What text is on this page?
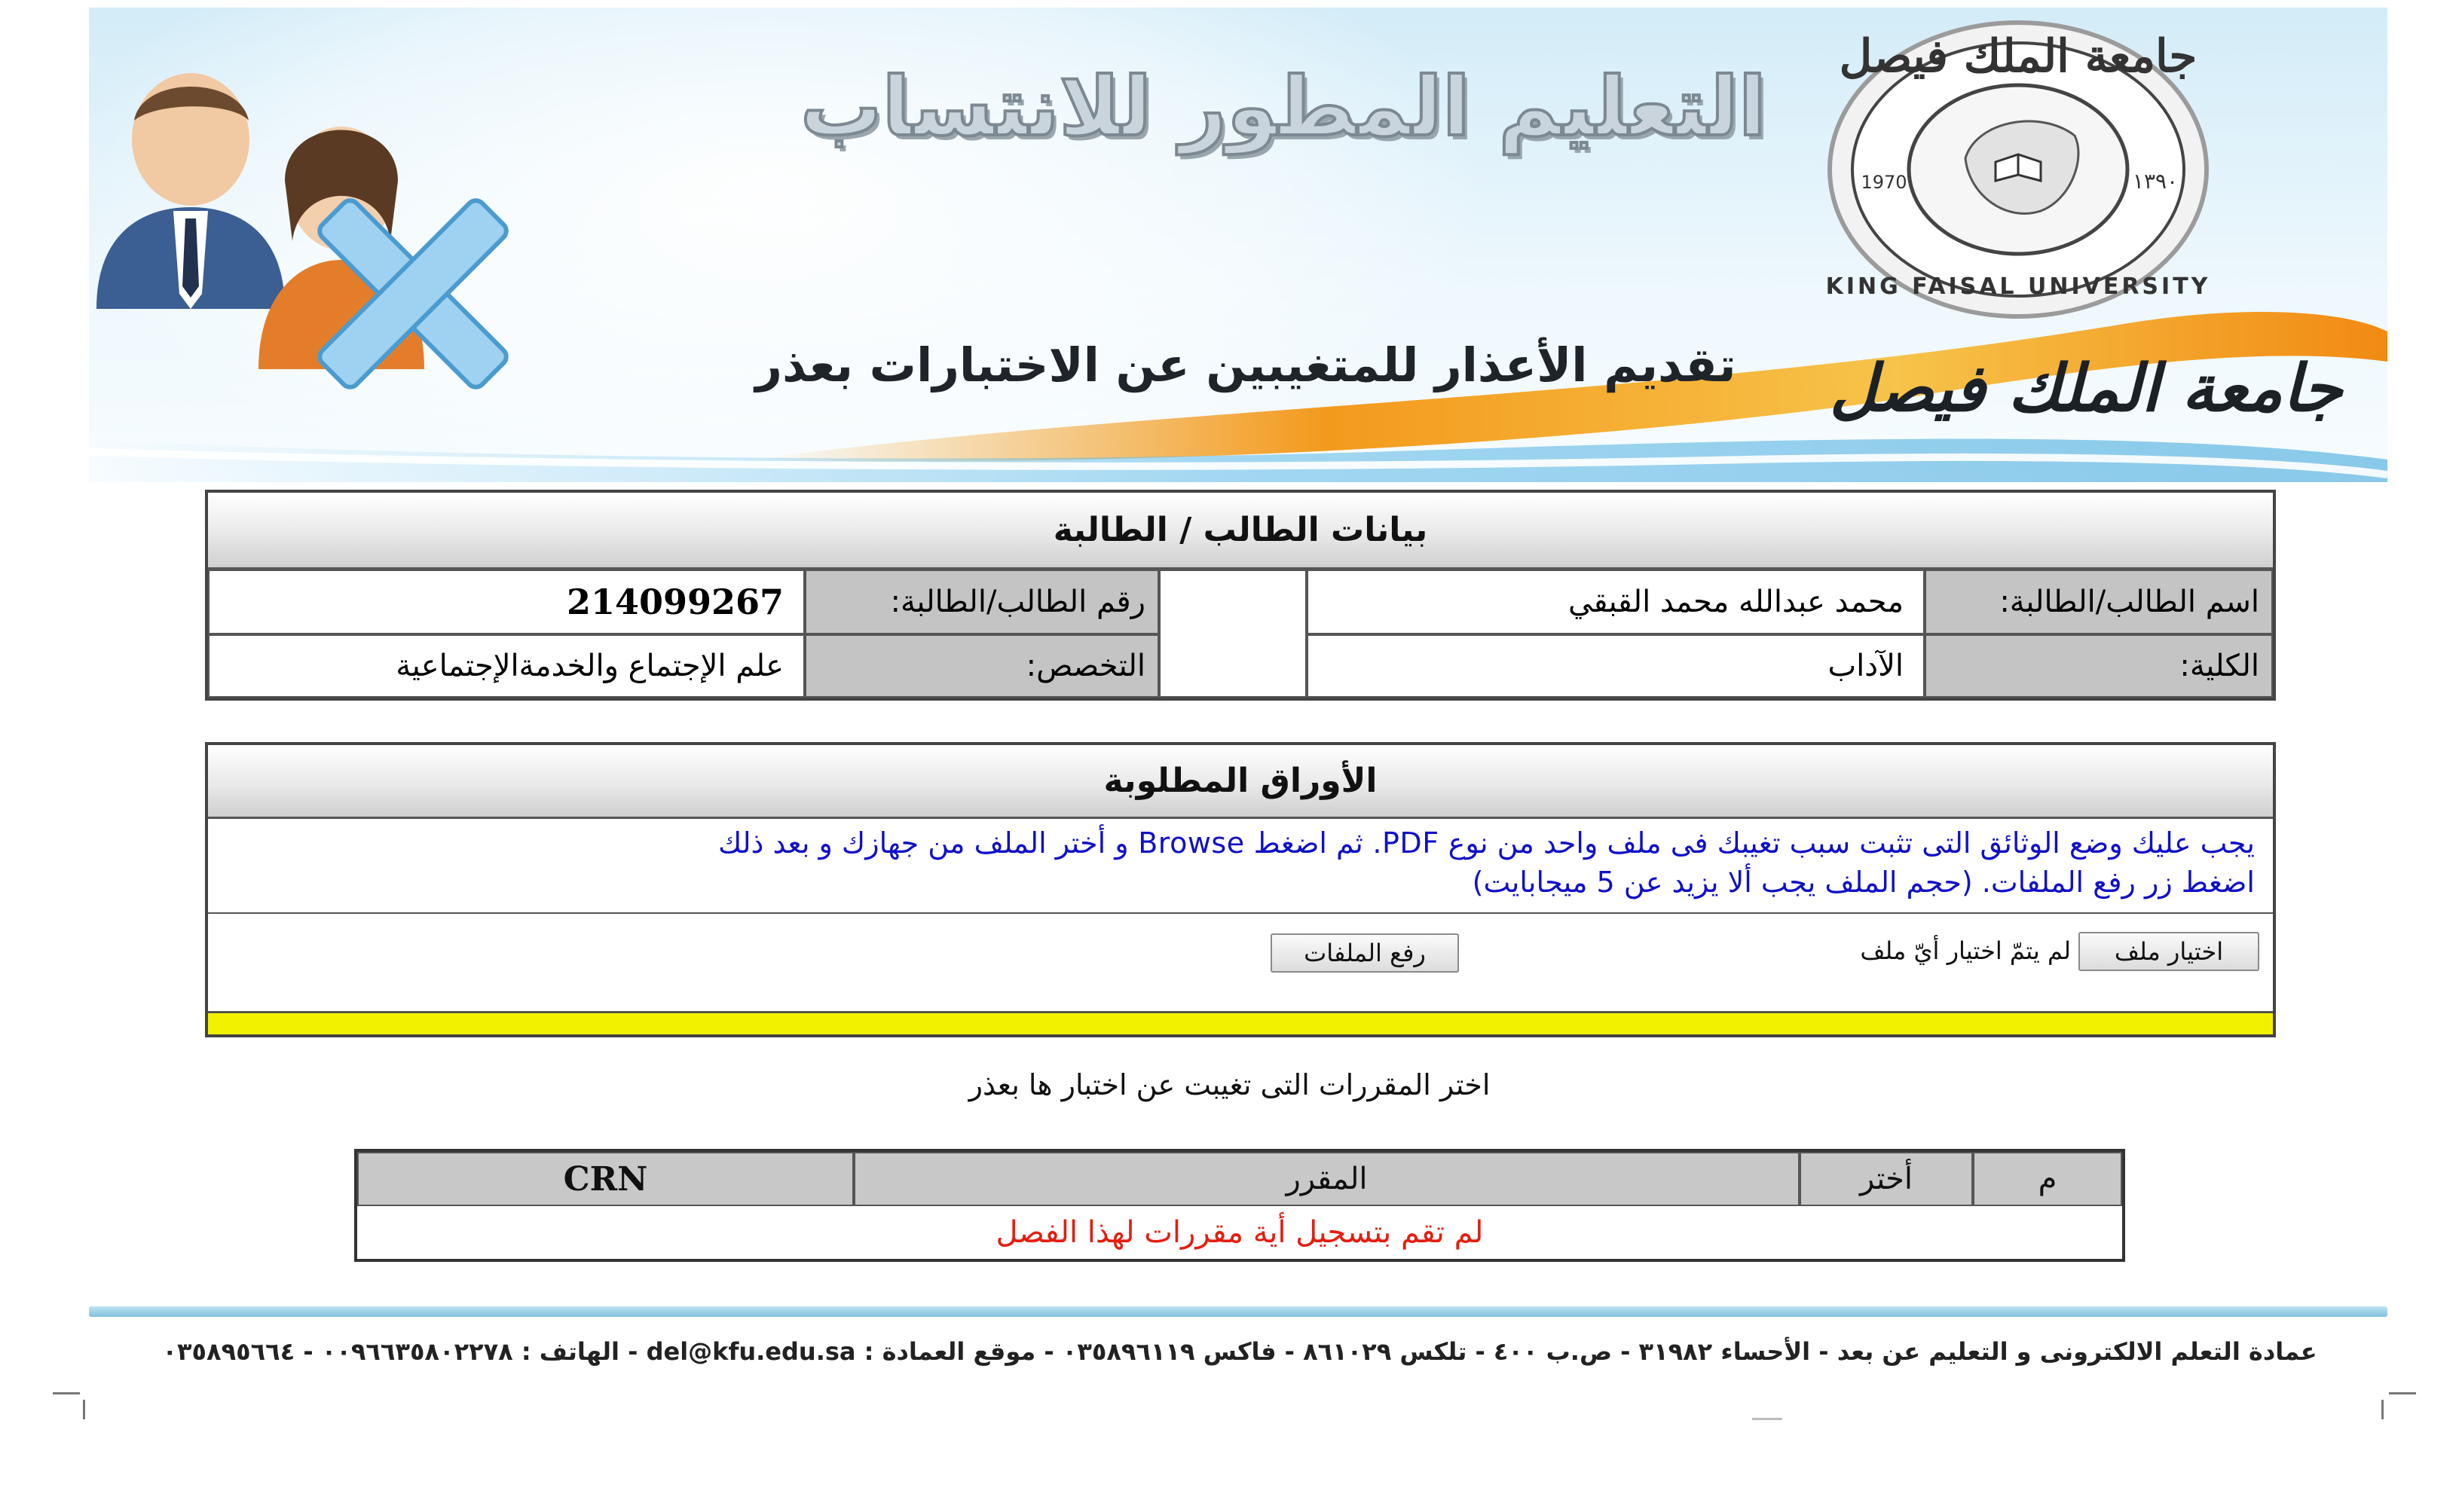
التعليم المطور للانتساب
تقديم الأعذار للمتغيبين عن الاختبارات بعذر
جامعة الملك فيصل
KING FAISAL UNIVERSITY
1970	١٣٩٠
جامعة الملك فيصل
بيانات الطالب / الطالبة
اسم الطالب/الطالبة:
محمد عبدالله محمد القبقي
رقم الطالب/الطالبة:
214099267
الكلية:
الآداب
التخصص:
علم الإجتماع والخدمةالإجتماعية
الأوراق المطلوبة
يجب عليك وضع الوثائق التى تثبت سبب تغيبك فى ملف واحد من نوع PDF. ثم اضغط Browse و أختر الملف من جهازك و بعد ذلك
اضغط زر رفع الملفات. (حجم الملف يجب ألا يزيد عن 5 ميجابايت)
اختيار ملف
لم يتمّ اختيار أيّ ملف
رفع الملفات
اختر المقررات التى تغيبت عن اختبار ها بعذر
م
أختر
المقرر
CRN
لم تقم بتسجيل أية مقررات لهذا الفصل
عمادة التعلم الالكترونى و التعليم عن بعد - الأحساء ٣١٩٨٢ - ص.ب ٤٠٠ - تلكس ٨٦١٠٢٩ - فاكس ٠٣٥٨٩٦١١٩ - موقع العمادة : del@kfu.edu.sa - الهاتف : ٠٠٩٦٦٣٥٨٠٢٢٧٨ - ٠٣٥٨٩٥٦٦٤
